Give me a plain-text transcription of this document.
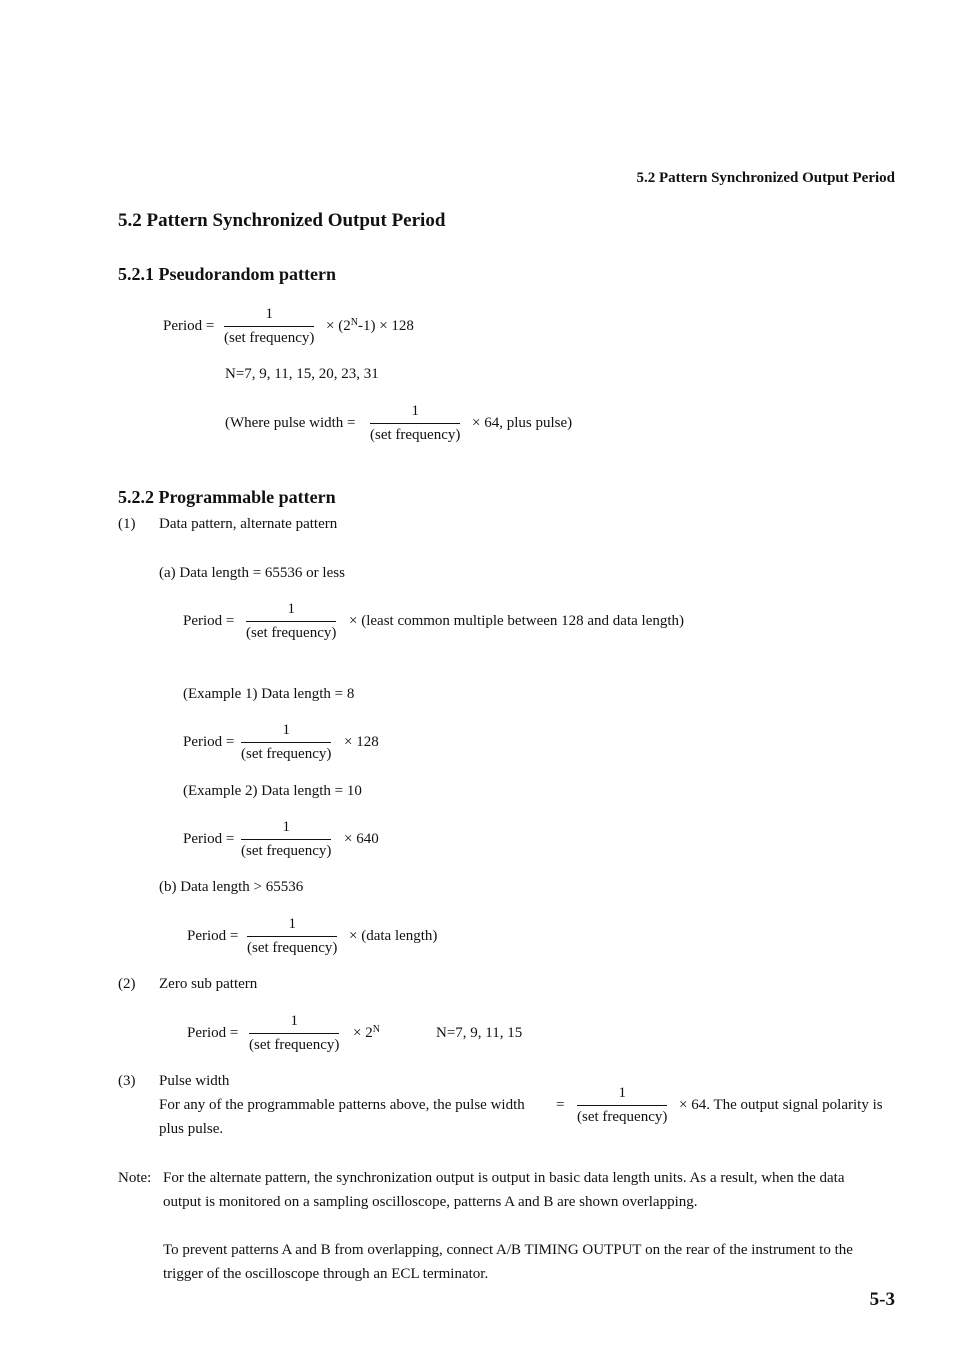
5.2 Pattern Synchronized Output Period
5.2 Pattern Synchronized Output Period
5.2.1 Pseudorandom pattern
Period =
1
(set frequency)
× $(2^N-1) \times 128$
N=7, 9, 11, 15, 20, 23, 31
(Where pulse width =
1
(set frequency)
× 64, plus pulse)
5.2.2 Programmable pattern
(1) Data pattern, alternate pattern
(a) Data length = 65536 or less
Period =
1
(set frequency)
× (least common multiple between 128 and data length)
(Example 1) Data length = 8
Period =
1
(set frequency)
× 128
(Example 2) Data length = 10
Period =
1
(set frequency)
× 640
(b) Data length > 65536
Period =
1
(set frequency)
× (data length)
(2) Zero sub pattern
Period =
1
(set frequency)
× $2^N$	N=7, 9, 11, 15
(3) Pulse width
For any of the programmable patterns above, the pulse width =
1
(set frequency)
× 64. The output signal polarity is
plus pulse.
Note: For the alternate pattern, the synchronization output is output in basic data length units. As a result, when the data
output is monitored on a sampling oscilloscope, patterns A and B are shown overlapping.
To prevent patterns A and B from overlapping, connect A/B TIMING OUTPUT on the rear of the instrument to the
trigger of the oscilloscope through an ECL terminator.
5-3
